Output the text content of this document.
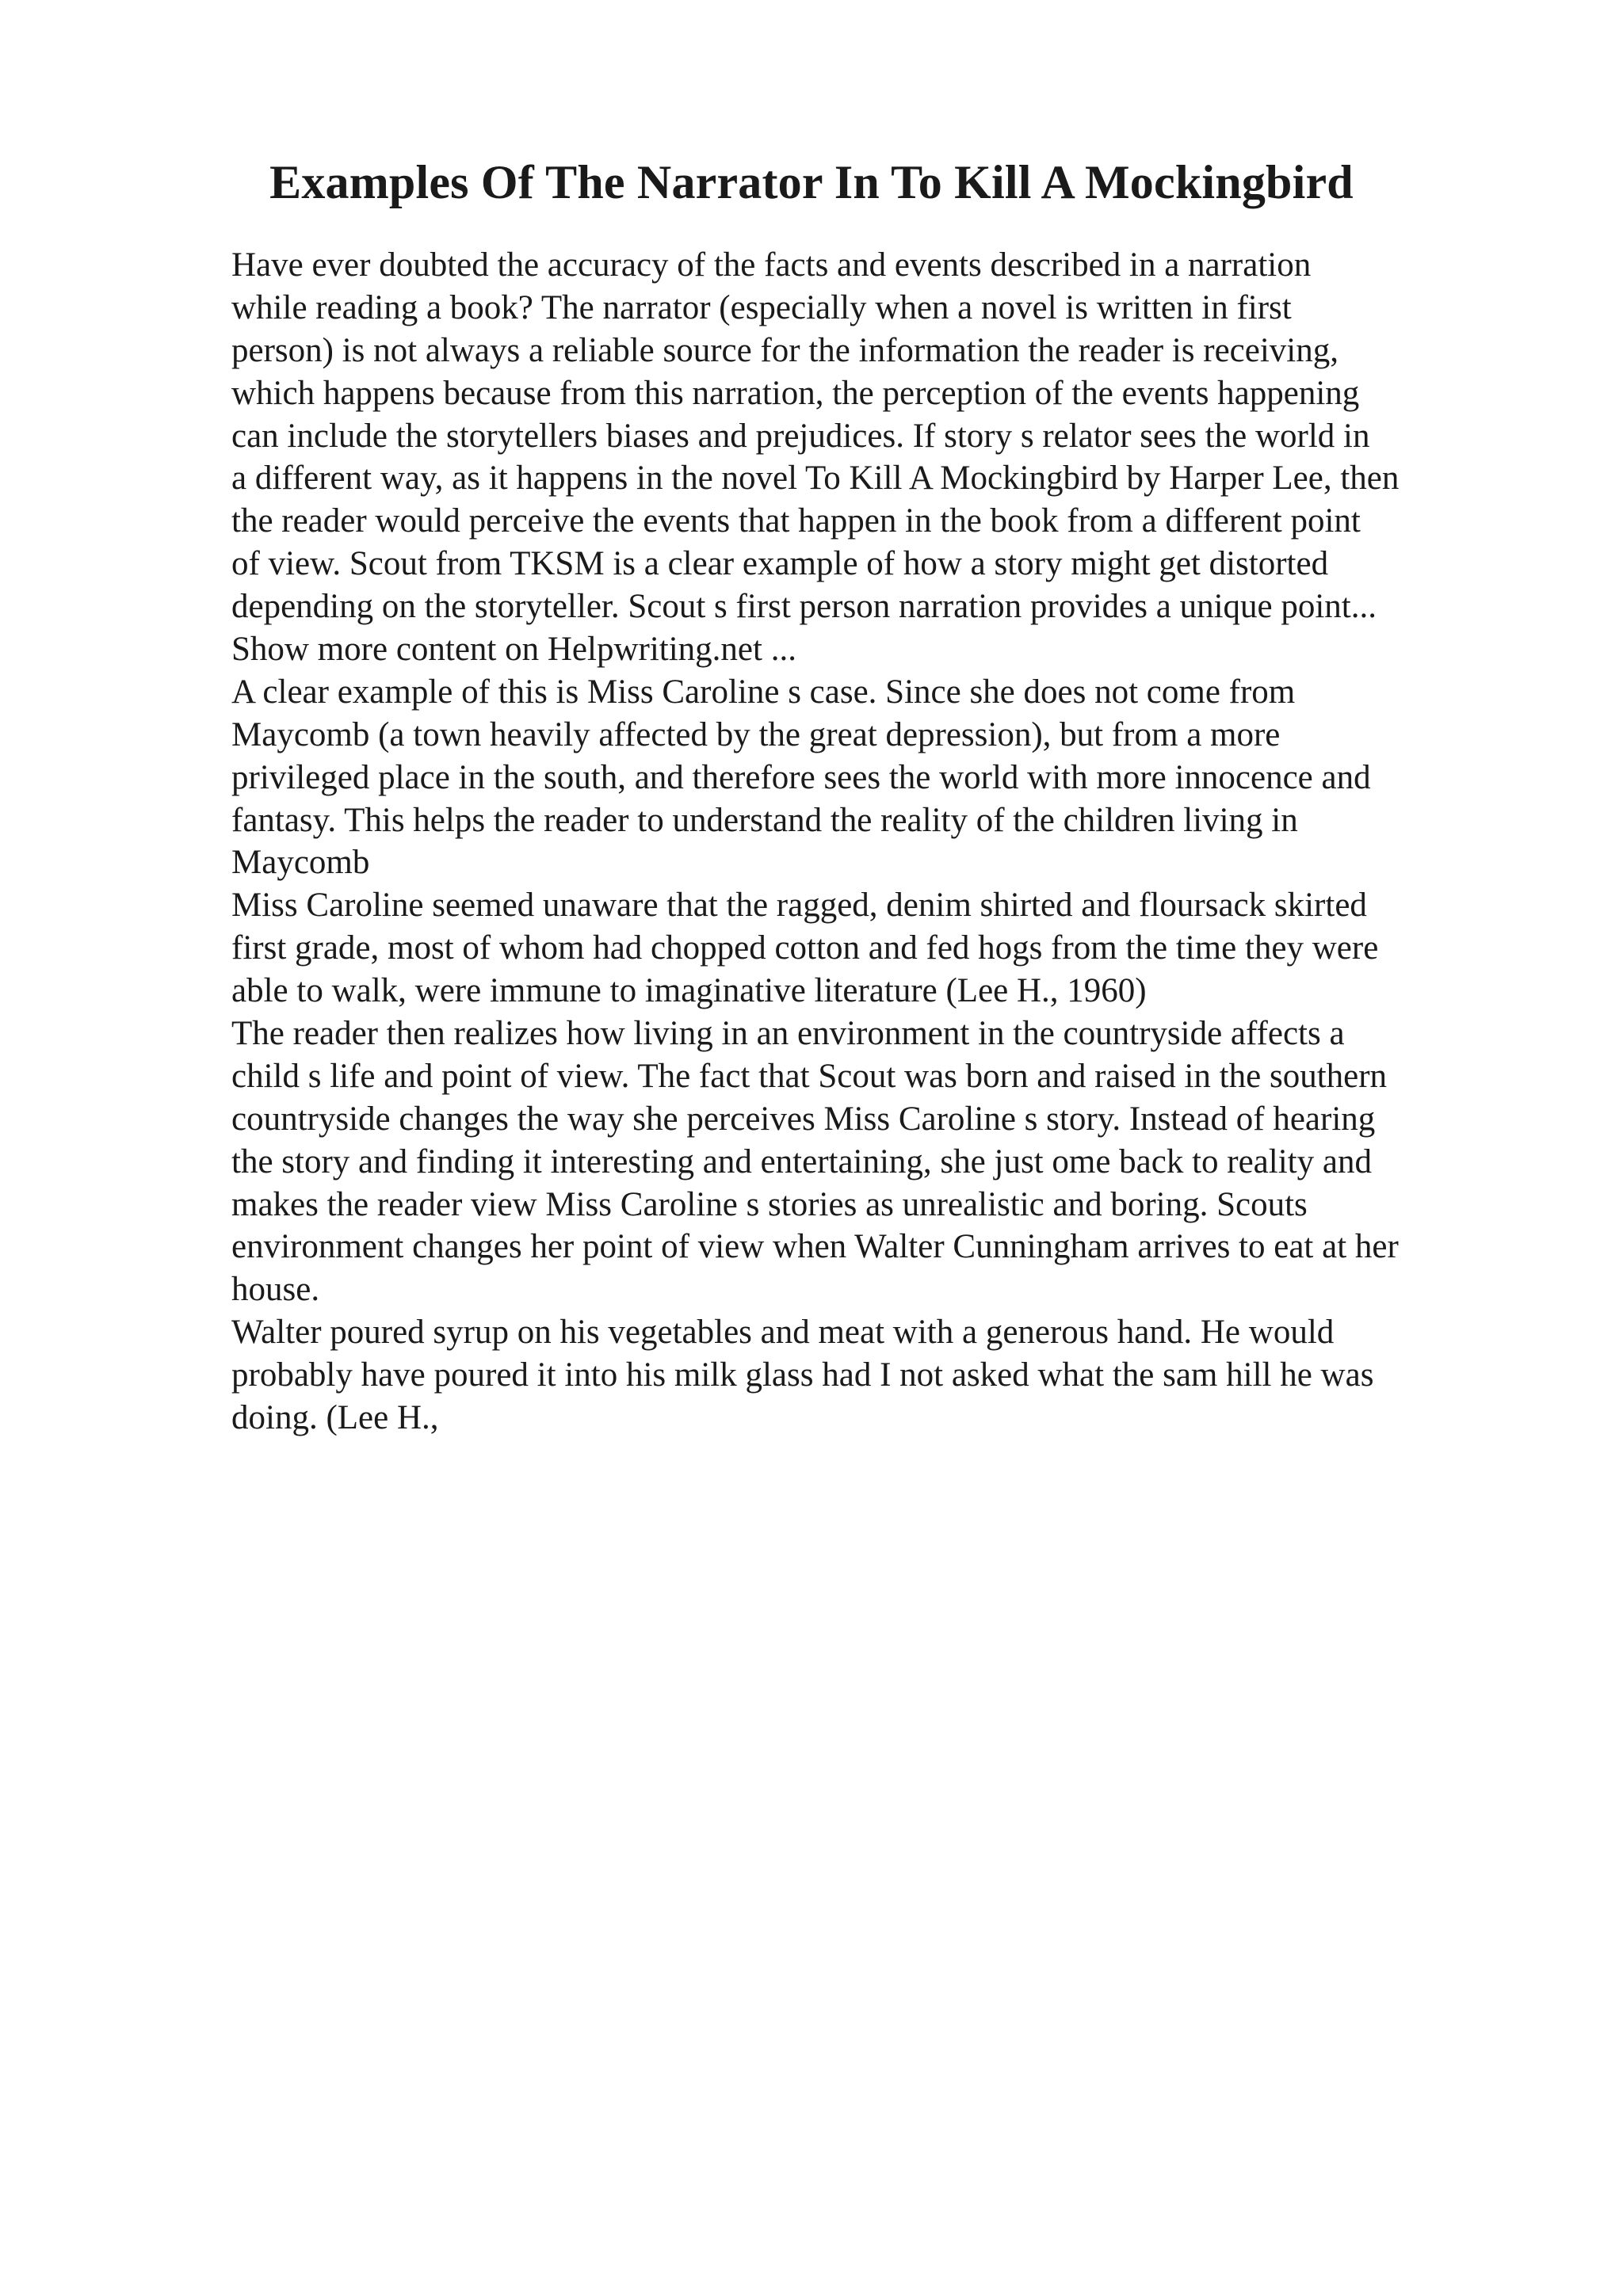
Examples Of The Narrator In To Kill A Mockingbird
Have ever doubted the accuracy of the facts and events described in a narration
while reading a book? The narrator (especially when a novel is written in first
person) is not always a reliable source for the information the reader is receiving,
which happens because from this narration, the perception of the events happening
can include the storytellers biases and prejudices. If story s relator sees the world in
a different way, as it happens in the novel To Kill A Mockingbird by Harper Lee, then
the reader would perceive the events that happen in the book from a different point
of view. Scout from TKSM is a clear example of how a story might get distorted
depending on the storyteller. Scout s first person narration provides a unique point...
Show more content on Helpwriting.net ...
A clear example of this is Miss Caroline s case. Since she does not come from
Maycomb (a town heavily affected by the great depression), but from a more
privileged place in the south, and therefore sees the world with more innocence and
fantasy. This helps the reader to understand the reality of the children living in
Maycomb
Miss Caroline seemed unaware that the ragged, denim shirted and floursack skirted
first grade, most of whom had chopped cotton and fed hogs from the time they were
able to walk, were immune to imaginative literature (Lee H., 1960)
The reader then realizes how living in an environment in the countryside affects a
child s life and point of view. The fact that Scout was born and raised in the southern
countryside changes the way she perceives Miss Caroline s story. Instead of hearing
the story and finding it interesting and entertaining, she just ome back to reality and
makes the reader view Miss Caroline s stories as unrealistic and boring. Scouts
environment changes her point of view when Walter Cunningham arrives to eat at her
house.
Walter poured syrup on his vegetables and meat with a generous hand. He would
probably have poured it into his milk glass had I not asked what the sam hill he was
doing. (Lee H.,
